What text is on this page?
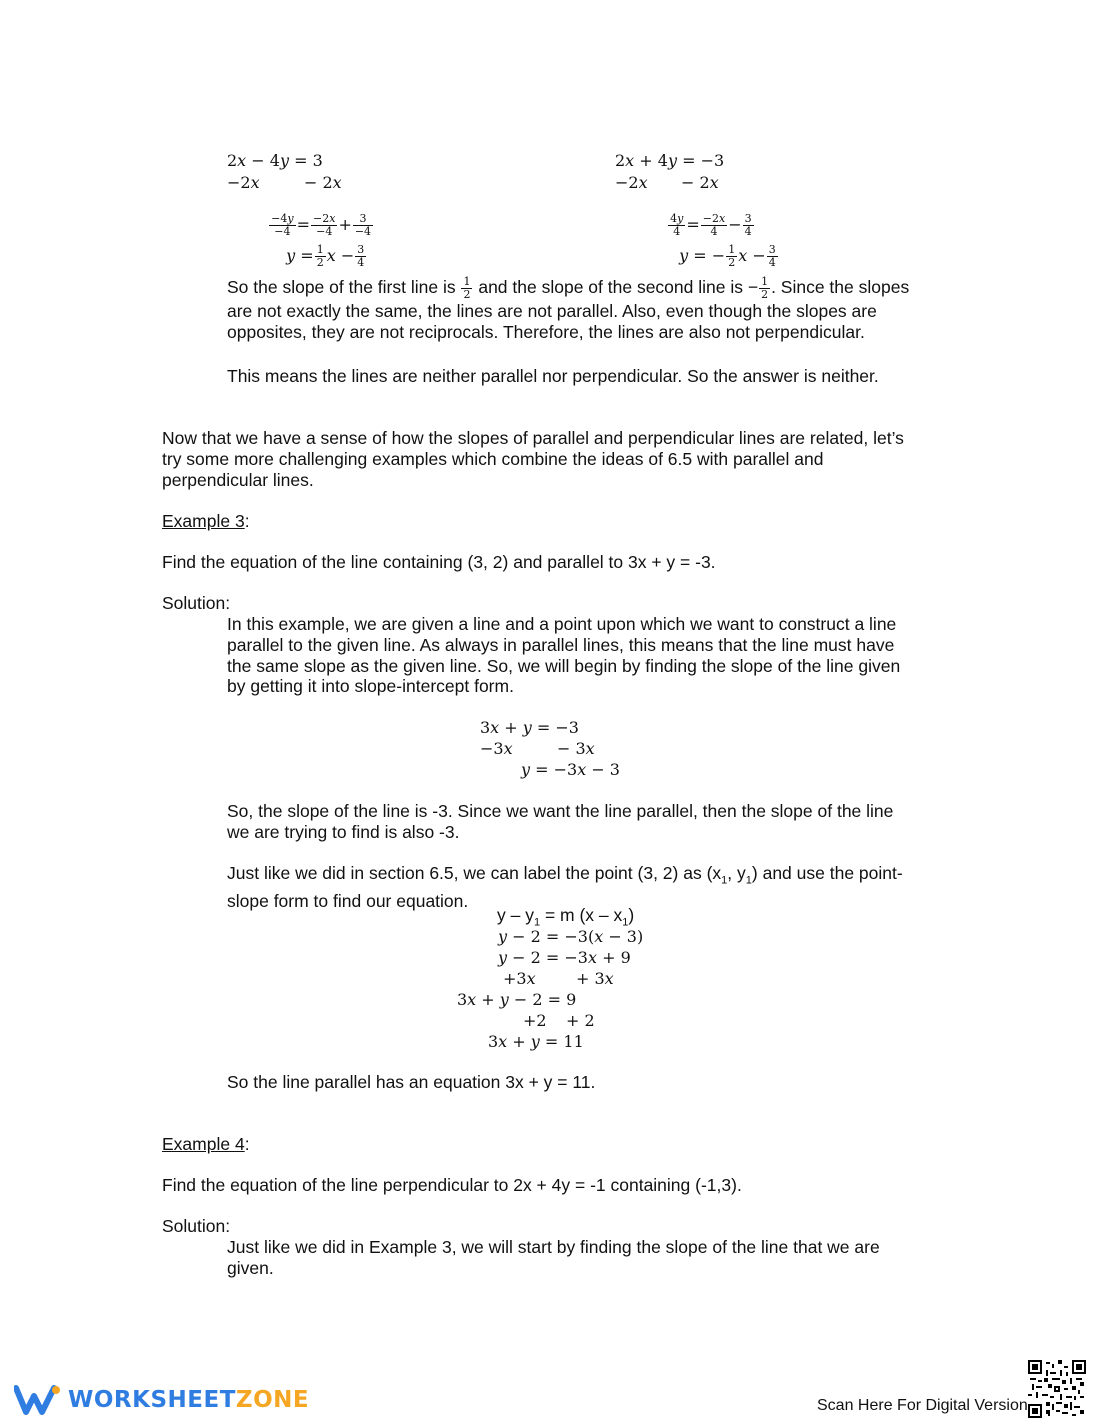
2𝑥 − 4𝑦 = 3
−2𝑥	− 2𝑥

$\frac{\text{−4𝑦}}{-4} = \frac{\text{−2𝑥}}{-4} + \frac{3}{-4}$

𝑦 = $\frac{1}{2}$ 𝑥 − $\frac{3}{4}$

2𝑥 + 4𝑦 = −3
−2𝑥 − 2𝑥

$\frac{\text{4𝑦}}{4} = \frac{\text{−2𝑥}}{4} - \frac{3}{4}$

𝑦 = − $\frac{1}{2}$ 𝑥 − $\frac{3}{4}$

So the slope of the first line is $\frac{1}{2}$ and the slope of the second line is − $\frac{1}{2}$ . Since the slopes
are not exactly the same, the lines are not parallel. Also, even though the slopes are
opposites, they are not reciprocals. Therefore, the lines are also not perpendicular.
This means the lines are neither parallel nor perpendicular. So the answer is neither.
Now that we have a sense of how the slopes of parallel and perpendicular lines are related, let’s
try some more challenging examples which combine the ideas of 6.5 with parallel and
perpendicular lines.
Example 3:
Find the equation of the line containing (3, 2) and parallel to 3x + y = -3.
Solution:
In this example, we are given a line and a point upon which we want to construct a line
parallel to the given line. As always in parallel lines, this means that the line must have
the same slope as the given line. So, we will begin by finding the slope of the line given
by getting it into slope-intercept form.
3𝑥 + 𝑦 = −3
−3𝑥	− 3𝑥
𝑦 = −3𝑥 − 3
So, the slope of the line is -3. Since we want the line parallel, then the slope of the line
we are trying to find is also -3.
Just like we did in section 6.5, we can label the point (3, 2) as ($x_1$, $y_1$) and use the point-
slope form to find our equation.
$y - y_1 = m$ $(x - x_1)$
𝑦 − 2 = −3(𝑥 − 3)
𝑦 − 2 = −3𝑥 + 9
+3𝑥	+ 3𝑥
3𝑥 + 𝑦 − 2 = 9
+2 + 2
3𝑥 + 𝑦 = 11
So the line parallel has an equation 3x + y = 11.
Example 4:
Find the equation of the line perpendicular to 2x + 4y = -1 containing (-1,3).
Solution:
Just like we did in Example 3, we will start by finding the slope of the line that we are
given.
WORKSHEETZONE	Scan Here For Digital Version
